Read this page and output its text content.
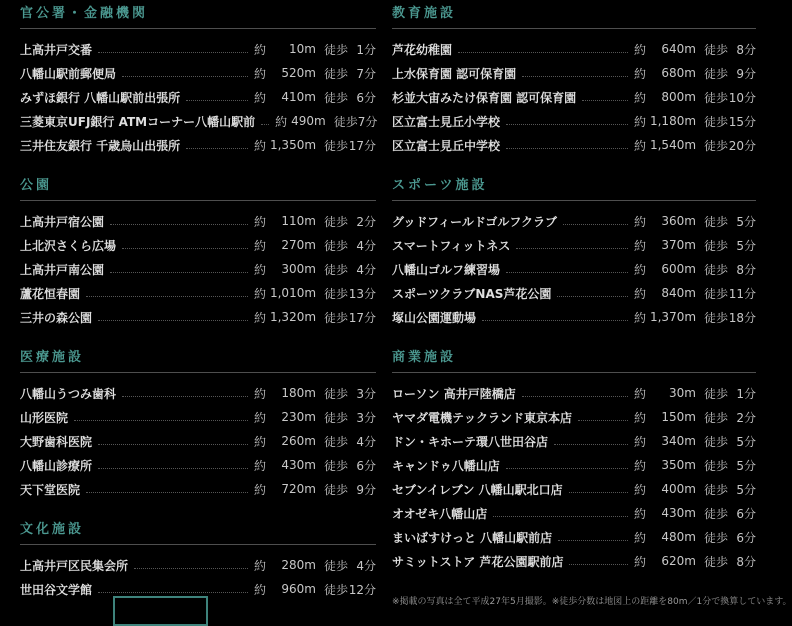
官公署・金融機関
上高井戸交番	約	10m 徒歩 1分
八幡山駅前郵便局	約	520m 徒歩 7分
みずほ銀行 八幡山駅前出張所	約	410m 徒歩 6分
三菱東京UFJ銀行 ATMコーナー八幡山駅前 約 490m 徒歩 7分
三井住友銀行 千歳烏山出張所	約 1,350m 徒歩 17分
公園
上高井戸宿公園	約	110m 徒歩 2分
上北沢さくら広場	約	270m 徒歩 4分
上高井戸南公園	約	300m 徒歩 4分
蘆花恒春園	約 1,010m 徒歩 13分
三井の森公園	約 1,320m 徒歩 17分
医療施設
八幡山うつみ歯科	約	180m 徒歩 3分
山形医院	約	230m 徒歩 3分
大野歯科医院	約	260m 徒歩 4分
八幡山診療所	約	430m 徒歩 6分
天下堂医院	約	720m 徒歩 9分
文化施設
上高井戸区民集会所	約	280m 徒歩 4分
世田谷文学館	約	960m 徒歩 12分
教育施設
芦花幼稚園	約	640m 徒歩 8分
上水保育園 認可保育園	約	680m 徒歩 9分
杉並大宙みたけ保育園 認可保育園	約	800m 徒歩 10分
区立富士見丘小学校	約 1,180m 徒歩 15分
区立富士見丘中学校	約 1,540m 徒歩 20分
スポーツ施設
グッドフィールドゴルフクラブ	約	360m 徒歩 5分
スマートフィットネス	約	370m 徒歩 5分
八幡山ゴルフ練習場	約	600m 徒歩 8分
スポーツクラブNAS芦花公園	約	840m 徒歩 11分
塚山公園運動場	約 1,370m 徒歩 18分
商業施設
ローソン 高井戸陸橋店	約	30m 徒歩 1分
ヤマダ電機テックランド東京本店	約	150m 徒歩 2分
ドン・キホーテ環八世田谷店	約	340m 徒歩 5分
キャンドゥ八幡山店	約	350m 徒歩 5分
セブンイレブン 八幡山駅北口店	約	400m 徒歩 5分
オオゼキ八幡山店	約	430m 徒歩 6分
まいばすけっと 八幡山駅前店	約	480m 徒歩 6分
サミットストア 芦花公園駅前店	約	620m 徒歩 8分

※掲載の写真は全て平成27年5月撮影。※徒歩分数は地図上の距離を80m／1分で換算しています。
